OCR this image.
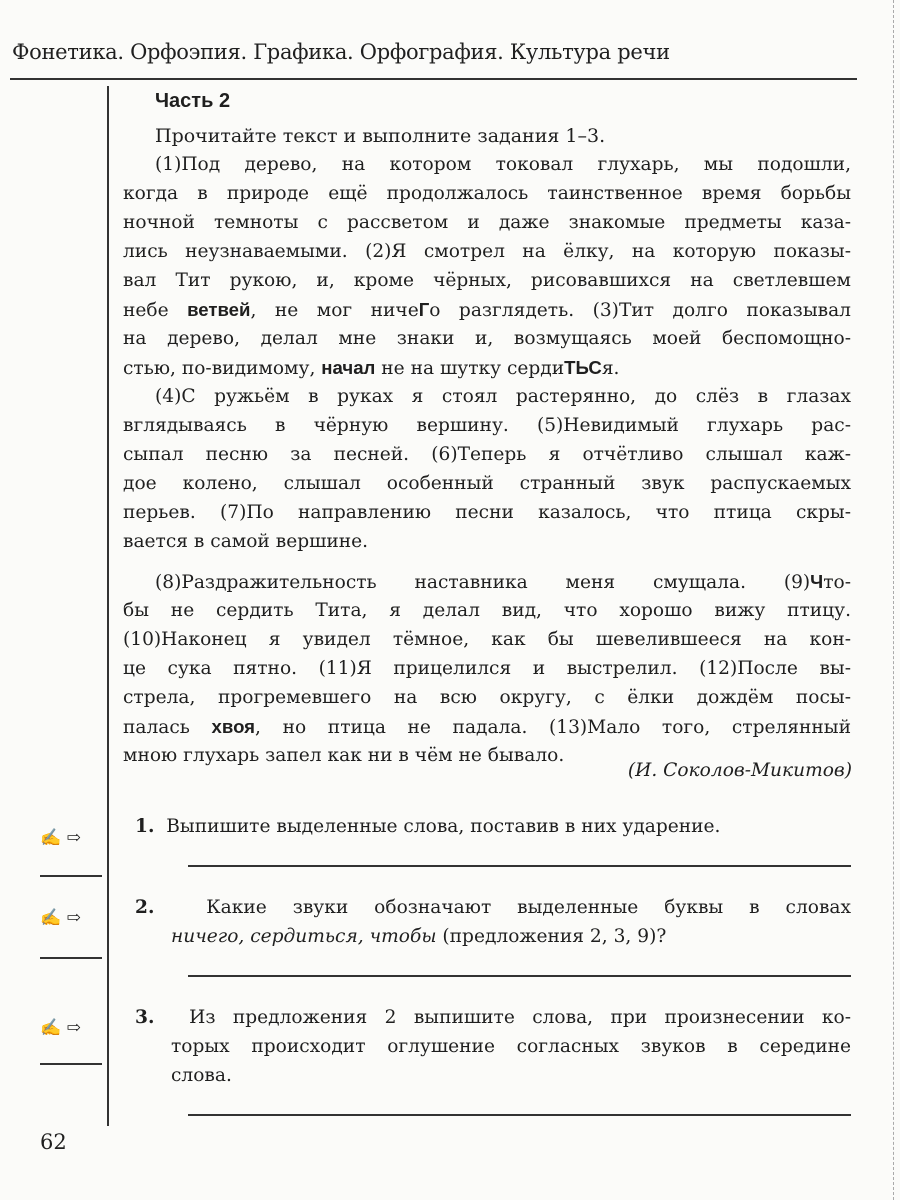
Фонетика. Орфоэпия. Графика. Орфография. Культура речи
Часть 2
Прочитайте текст и выполните задания 1–3.
(1)Под дерево, на котором токовал глухарь, мы подошли,
когда в природе ещё продолжалось таинственное время борьбы
ночной темноты с рассветом и даже знакомые предметы каза-
лись неузнаваемыми. (2)Я смотрел на ёлку, на которую показы-
вал Тит рукою, и, кроме чёрных, рисовавшихся на светлевшем
небе ветвей, не мог ничеГо разглядеть. (3)Тит долго показывал
на дерево, делал мне знаки и, возмущаясь моей беспомощно-
стью, по-видимому, начал не на шутку сердиТЬСя.
(4)С ружьём в руках я стоял растерянно, до слёз в глазах
вглядываясь в чёрную вершину. (5)Невидимый глухарь рас-
сыпал песню за песней. (6)Теперь я отчётливо слышал каж-
дое колено, слышал особенный странный звук распускаемых
перьев. (7)По направлению песни казалось, что птица скры-
вается в самой вершине.
(8)Раздражительность наставника меня смущала. (9)Что-
бы не сердить Тита, я делал вид, что хорошо вижу птицу.
(10)Наконец я увидел тёмное, как бы шевелившееся на кон-
це сука пятно. (11)Я прицелился и выстрелил. (12)После вы-
стрела, прогремевшего на всю округу, с ёлки дождём посы-
палась хвоя, но птица не падала. (13)Мало того, стрелянный
мною глухарь запел как ни в чём не бывало.
(И. Соколов-Микитов)
1. Выпишите выделенные слова, поставив в них ударение.
2.	Какие звуки обозначают выделенные буквы в словах
ничего, сердиться, чтобы (предложения 2, 3, 9)?
3. Из предложения 2 выпишите слова, при произнесении ко-
торых происходит оглушение согласных звуков в середине
слова.
✍ ⇨
✍ ⇨
✍ ⇨
62
